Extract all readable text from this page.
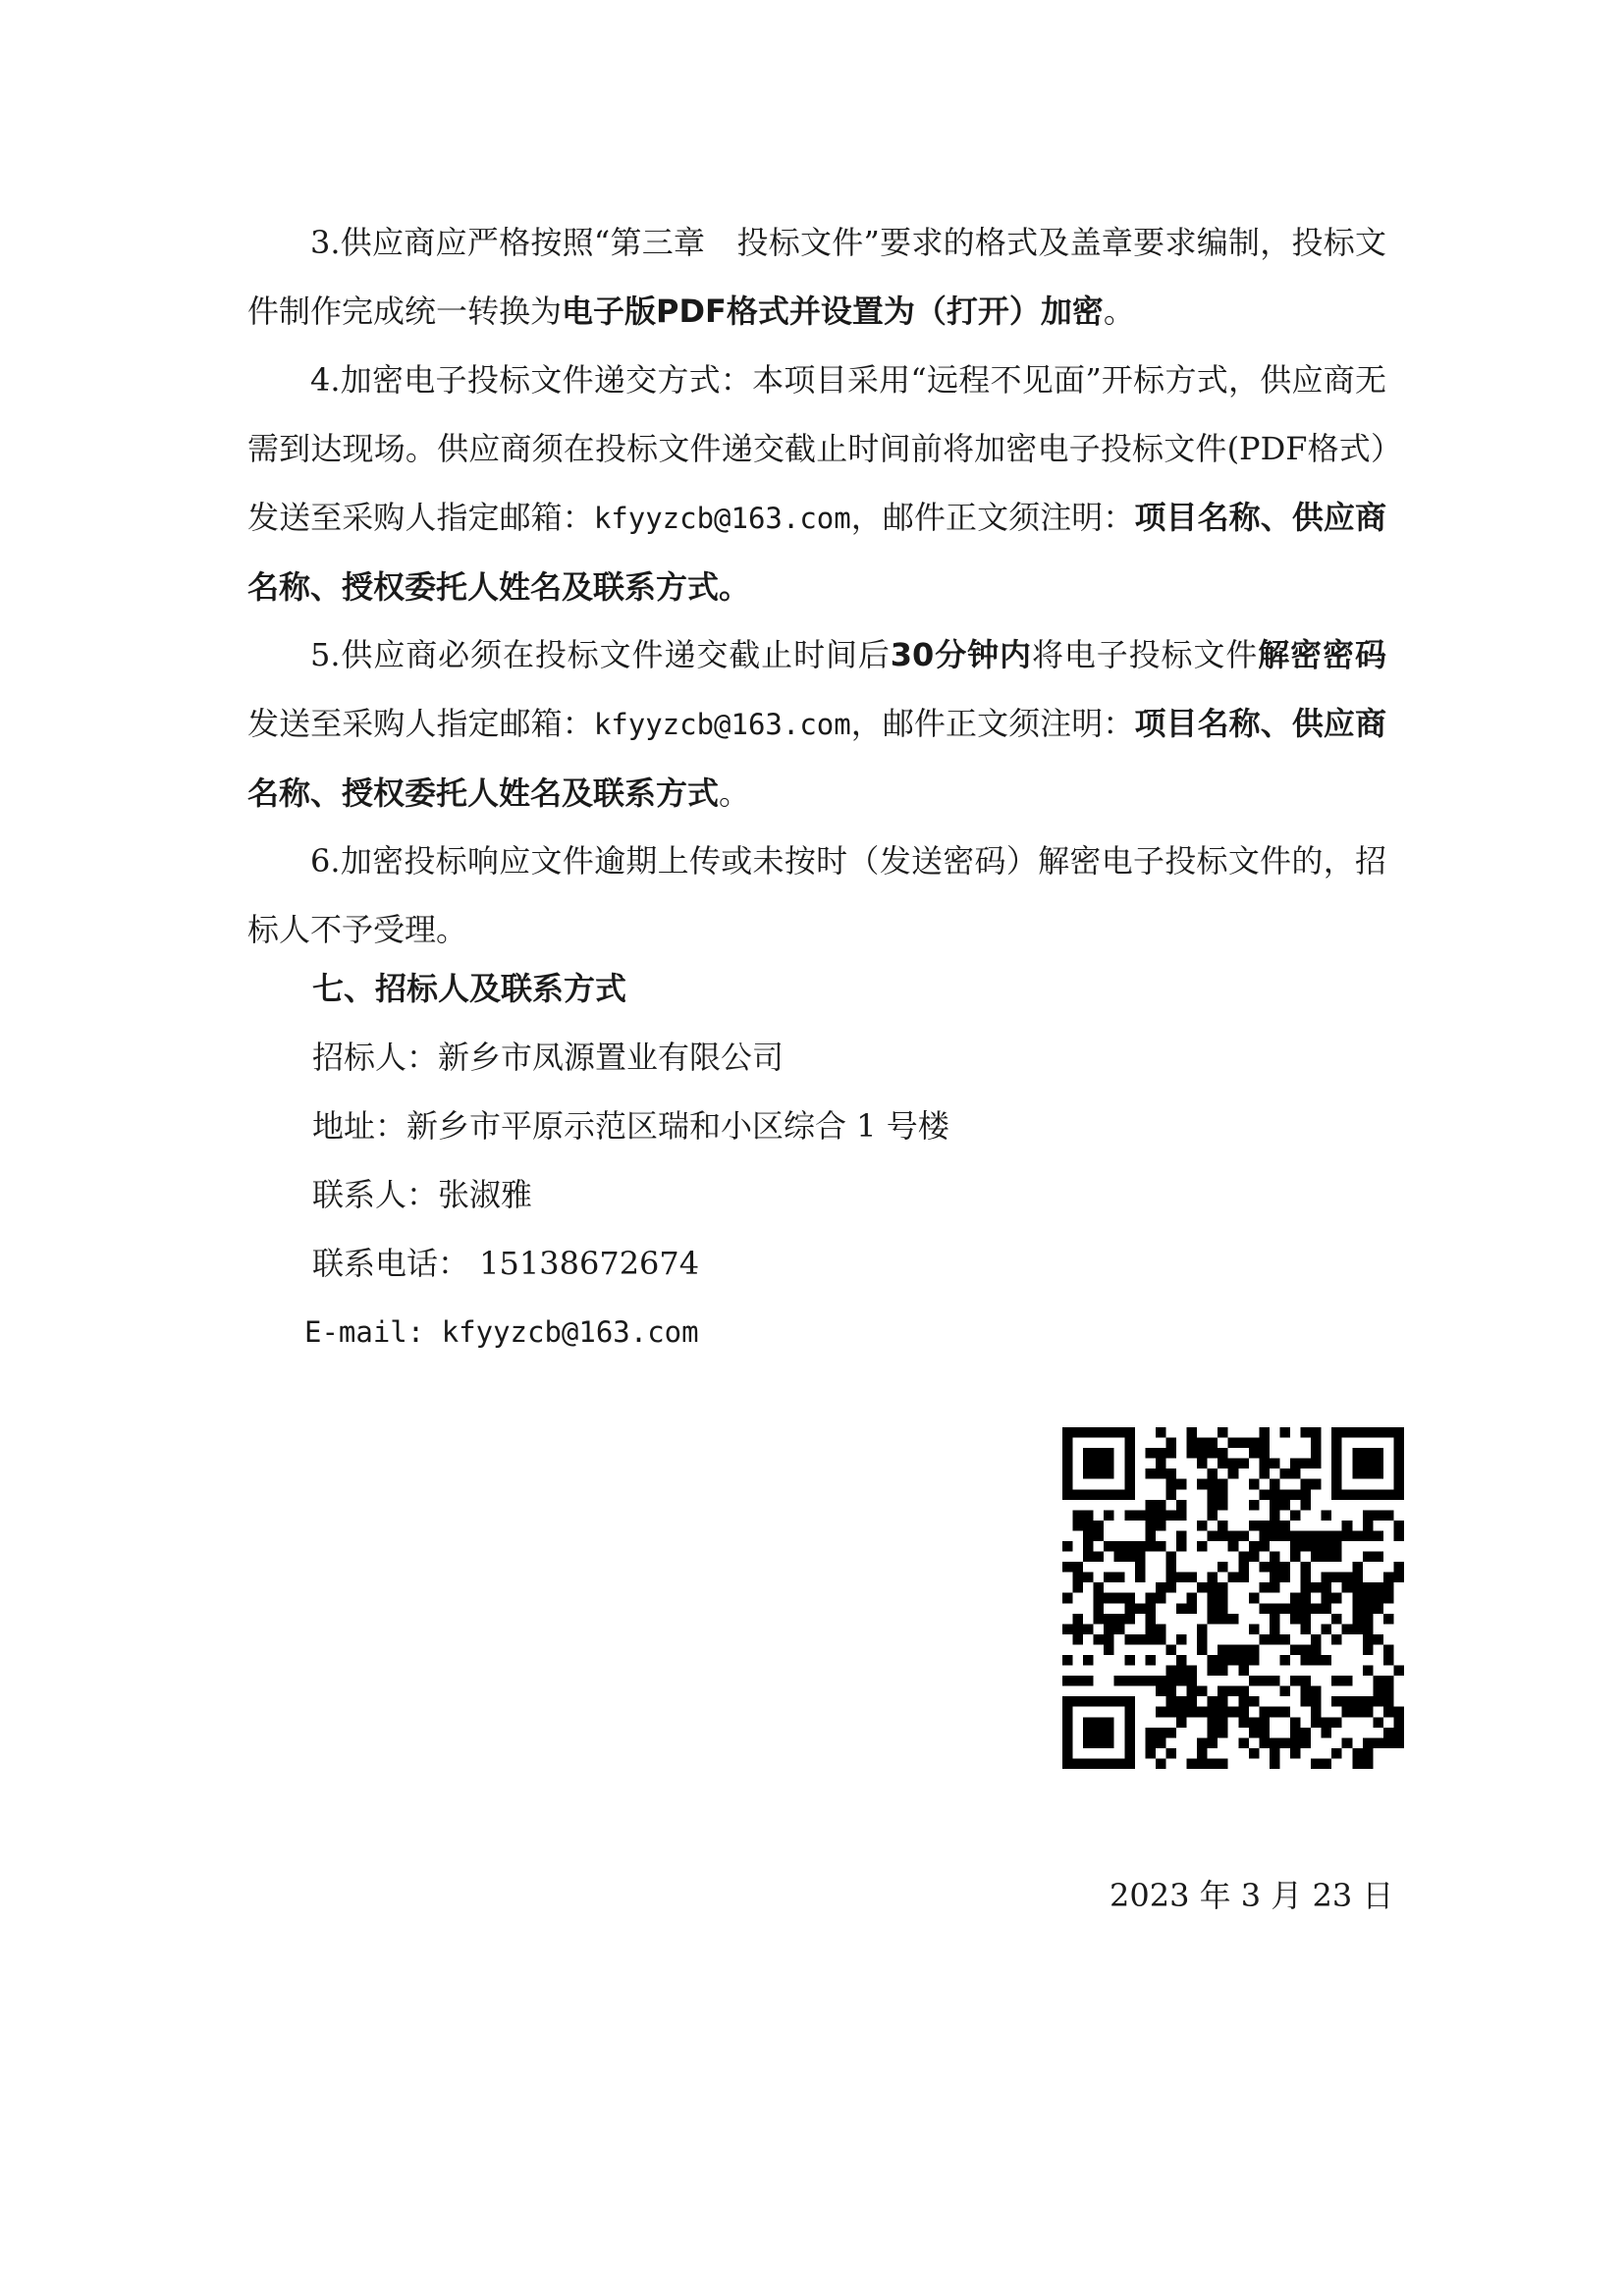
3.供应商应严格按照“第三章　投标文件”要求的格式及盖章要求编制，投标文件制作完成统一转换为电子版PDF格式并设置为（打开）加密。

4.加密电子投标文件递交方式：本项目采用“远程不见面”开标方式，供应商无需到达现场。供应商须在投标文件递交截止时间前将加密电子投标文件(PDF格式）发送至采购人指定邮箱：kfyyzcb@163.com，邮件正文须注明：项目名称、供应商名称、授权委托人姓名及联系方式。

5.供应商必须在投标文件递交截止时间后30分钟内将电子投标文件解密密码发送至采购人指定邮箱：kfyyzcb@163.com，邮件正文须注明：项目名称、供应商名称、授权委托人姓名及联系方式。

6.加密投标响应文件逾期上传或未按时（发送密码）解密电子投标文件的，招标人不予受理。

七、招标人及联系方式
招标人：新乡市凤源置业有限公司
地址：新乡市平原示范区瑞和小区综合 1 号楼
联系人：张淑雅
联系电话： 15138672674
E-mail: kfyyzcb@163.com
2023 年 3 月 23 日
